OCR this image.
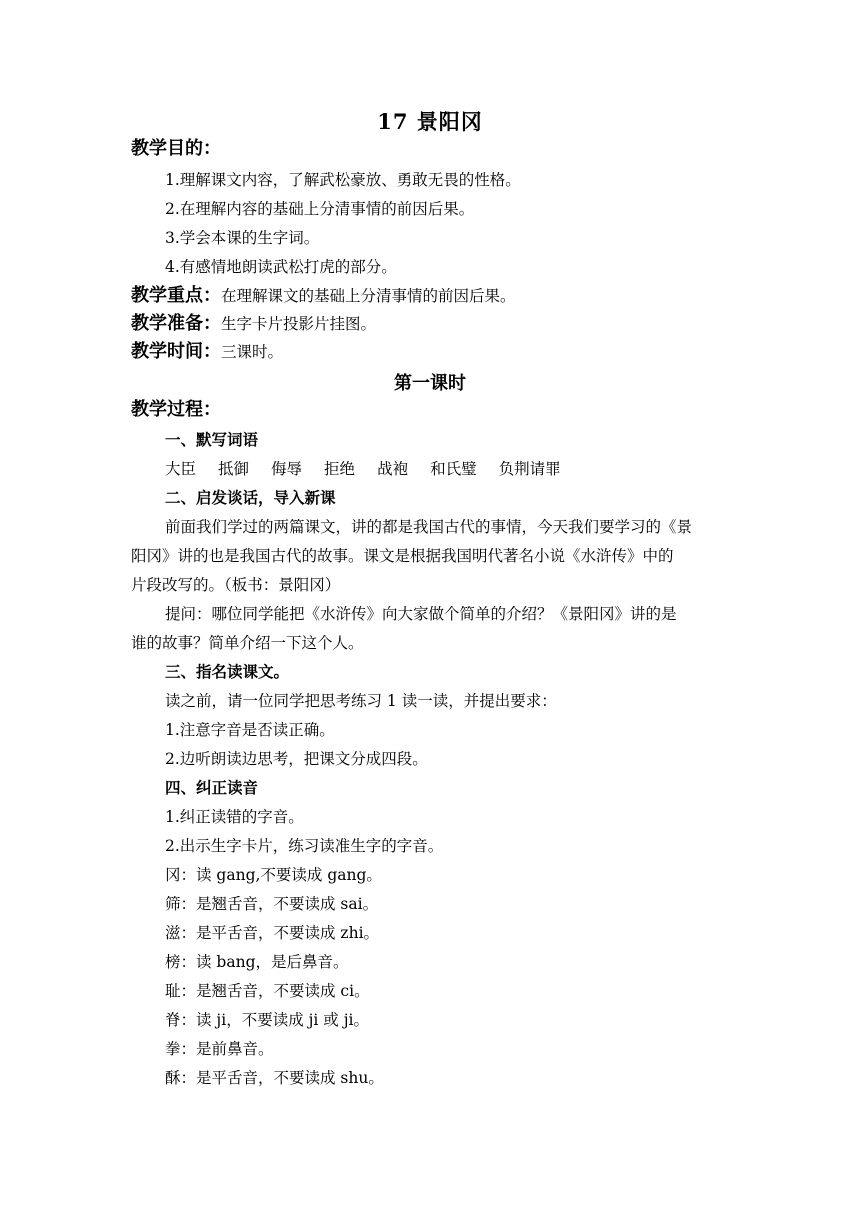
17 景阳冈
教学目的：
1.理解课文内容，了解武松豪放、勇敢无畏的性格。
2.在理解内容的基础上分清事情的前因后果。
3.学会本课的生字词。
4.有感情地朗读武松打虎的部分。
教学重点：在理解课文的基础上分清事情的前因后果。
教学准备：生字卡片投影片挂图。
教学时间：三课时。
第一课时
教学过程：
一、默写词语
大臣 抵御 侮辱 拒绝 战袍 和氏璧 负荆请罪
二、启发谈话，导入新课
前面我们学过的两篇课文，讲的都是我国古代的事情，今天我们要学习的《景
阳冈》讲的也是我国古代的故事。课文是根据我国明代著名小说《水浒传》中的
片段改写的。（板书：景阳冈）
提问：哪位同学能把《水浒传》向大家做个简单的介绍？《景阳冈》讲的是
谁的故事？简单介绍一下这个人。
三、指名读课文。
读之前，请一位同学把思考练习 1 读一读，并提出要求：
1.注意字音是否读正确。
2.边听朗读边思考，把课文分成四段。
四、纠正读音
1.纠正读错的字音。
2.出示生字卡片，练习读准生字的字音。
冈：读 gang,不要读成 gang。
筛：是翘舌音，不要读成 sai。
滋：是平舌音，不要读成 zhi。
榜：读 bang，是后鼻音。
耻：是翘舌音，不要读成 ci。
脊：读 ji，不要读成 ji 或 ji。
拳：是前鼻音。
酥：是平舌音，不要读成 shu。
